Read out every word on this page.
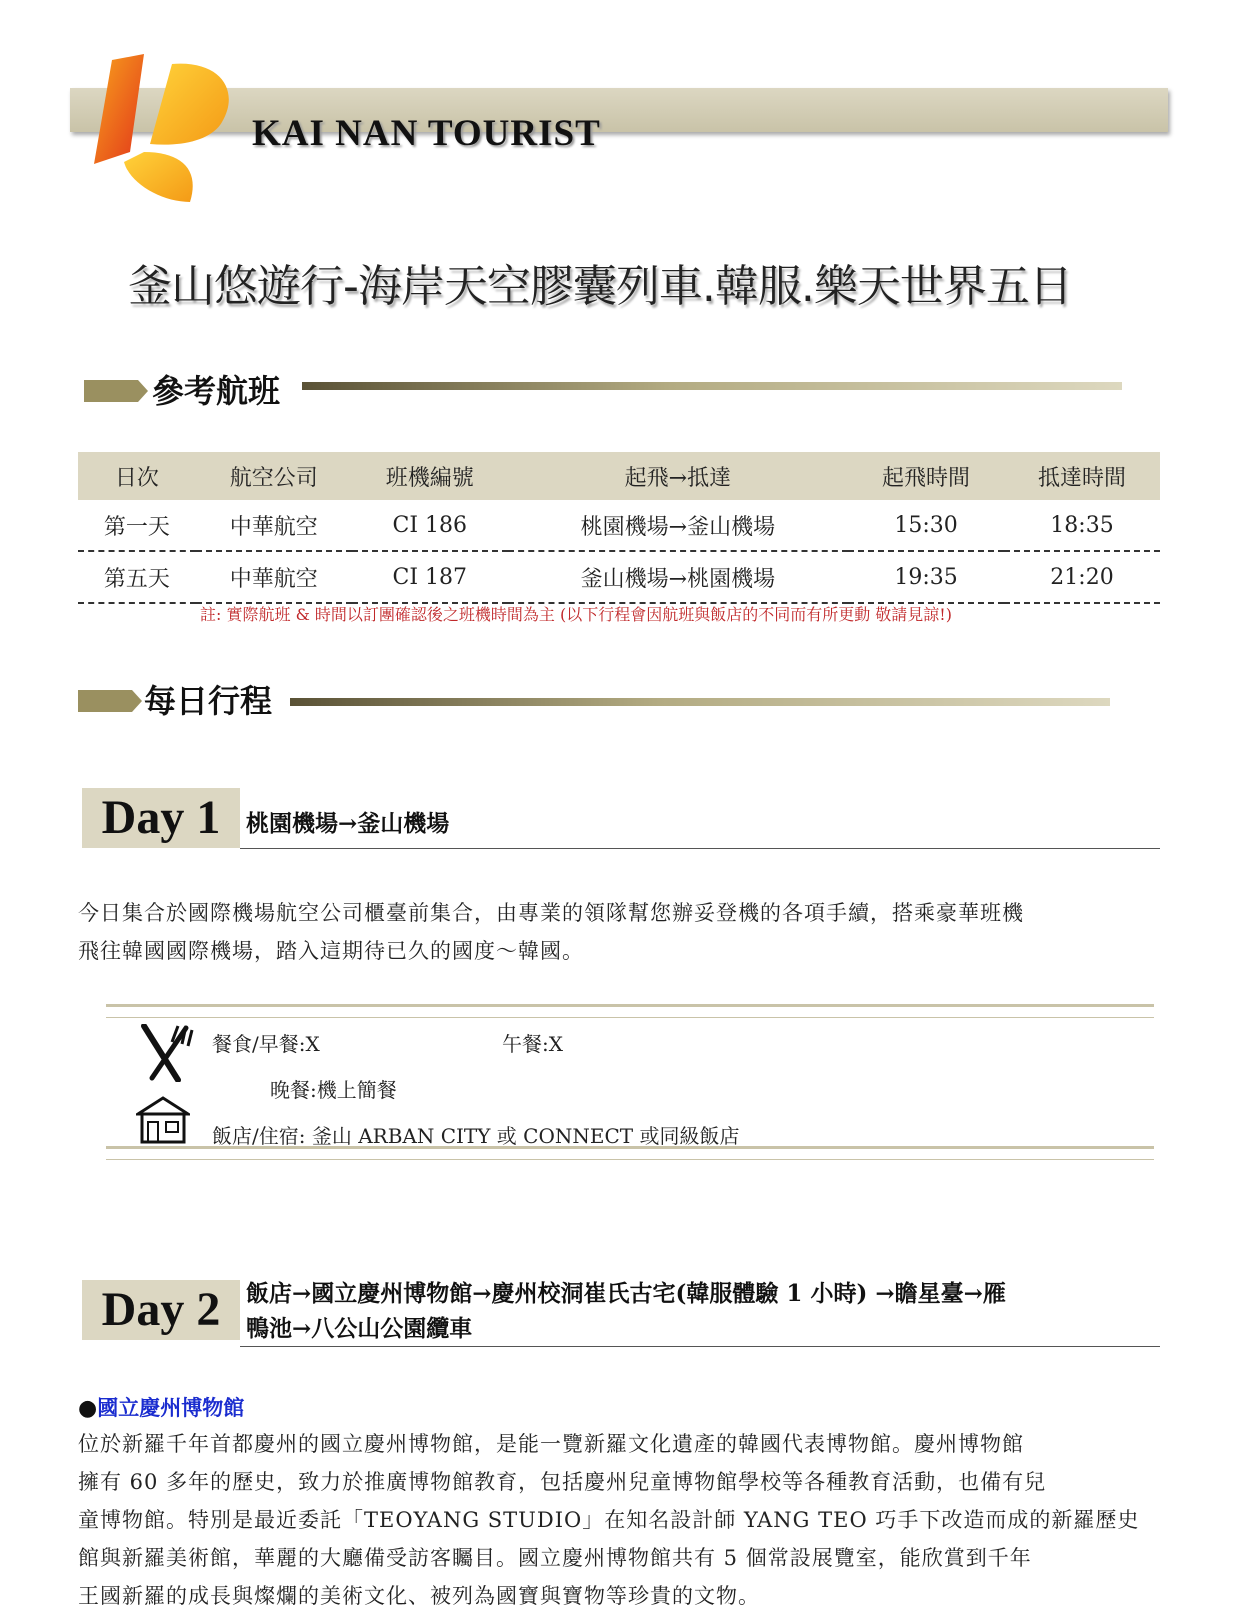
KAI NAN TOURIST
釜山悠遊行-海岸天空膠囊列車.韓服.樂天世界五日
參考航班
日次	航空公司	班機編號	起飛→抵達	起飛時間	抵達時間
第一天	中華航空	CI 186	桃園機場→釜山機場	15:30	18:35
第五天	中華航空	CI 187	釜山機場→桃園機場	19:35	21:20
註: 實際航班 & 時間以訂團確認後之班機時間為主 (以下行程會因航班與飯店的不同而有所更動 敬請見諒!)
每日行程
Day 1	桃園機場→釜山機場
今日集合於國際機場航空公司櫃臺前集合，由專業的領隊幫您辦妥登機的各項手續，搭乘豪華班機
飛往韓國國際機場，踏入這期待已久的國度～韓國。
餐食/早餐:X	午餐:X
晚餐:機上簡餐
飯店/住宿: 釜山 ARBAN CITY 或 CONNECT 或同級飯店
Day 2	飯店→國立慶州博物館→慶州校洞崔氏古宅(韓服體驗 1 小時) →瞻星臺→雁
鴨池→八公山公園纜車
●國立慶州博物館
位於新羅千年首都慶州的國立慶州博物館，是能一覽新羅文化遺產的韓國代表博物館。慶州博物館
擁有 60 多年的歷史，致力於推廣博物館教育，包括慶州兒童博物館學校等各種教育活動，也備有兒
童博物館。特別是最近委託「TEOYANG STUDIO」在知名設計師 YANG TEO 巧手下改造而成的新羅歷史
館與新羅美術館，華麗的大廳備受訪客矚目。國立慶州博物館共有 5 個常設展覽室，能欣賞到千年
王國新羅的成長與燦爛的美術文化、被列為國寶與寶物等珍貴的文物。
